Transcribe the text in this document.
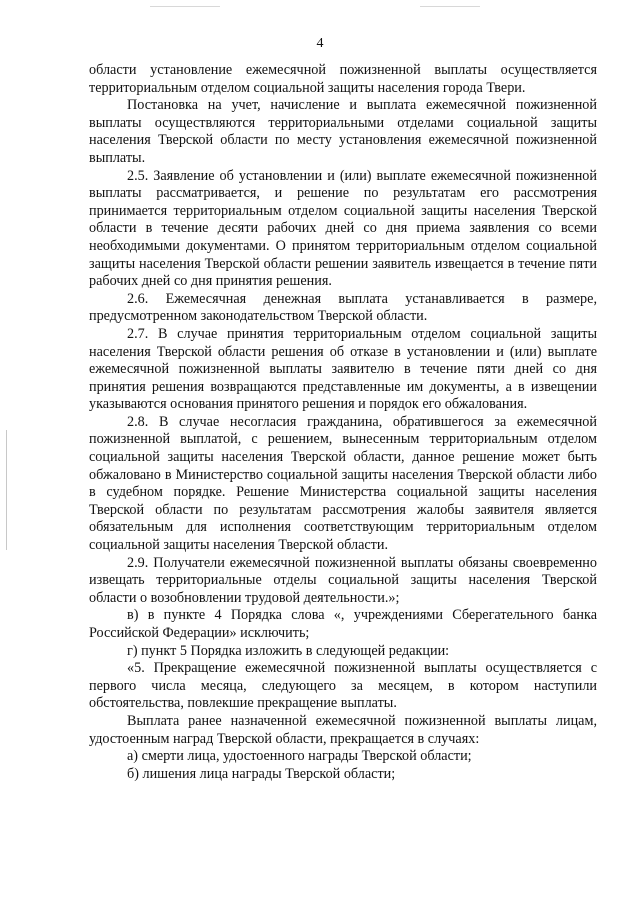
4

области установление ежемесячной пожизненной выплаты осуществляется территориальным отделом социальной защиты населения города Твери.

Постановка на учет, начисление и выплата ежемесячной пожизненной выплаты осуществляются территориальными отделами социальной защиты населения Тверской области по месту установления ежемесячной пожизненной выплаты.

2.5. Заявление об установлении и (или) выплате ежемесячной пожизненной выплаты рассматривается, и решение по результатам его рассмотрения принимается территориальным отделом социальной защиты населения Тверской области в течение десяти рабочих дней со дня приема заявления со всеми необходимыми документами. О принятом территориальным отделом социальной защиты населения Тверской области решении заявитель извещается в течение пяти рабочих дней со дня принятия решения.

2.6. Ежемесячная денежная выплата устанавливается в размере, предусмотренном законодательством Тверской области.

2.7. В случае принятия территориальным отделом социальной защиты населения Тверской области решения об отказе в установлении и (или) выплате ежемесячной пожизненной выплаты заявителю в течение пяти дней со дня принятия решения возвращаются представленные им документы, а в извещении указываются основания принятого решения и порядок его обжалования.

2.8. В случае несогласия гражданина, обратившегося за ежемесячной пожизненной выплатой, с решением, вынесенным территориальным отделом социальной защиты населения Тверской области, данное решение может быть обжаловано в Министерство социальной защиты населения Тверской области либо в судебном порядке. Решение Министерства социальной защиты населения Тверской области по результатам рассмотрения жалобы заявителя является обязательным для исполнения соответствующим территориальным отделом социальной защиты населения Тверской области.

2.9. Получатели ежемесячной пожизненной выплаты обязаны своевременно извещать территориальные отделы социальной защиты населения Тверской области о возобновлении трудовой деятельности.»;

в) в пункте 4 Порядка слова «, учреждениями Сберегательного банка Российской Федерации» исключить;

г) пункт 5 Порядка изложить в следующей редакции:

«5. Прекращение ежемесячной пожизненной выплаты осуществляется с первого числа месяца, следующего за месяцем, в котором наступили обстоятельства, повлекшие прекращение выплаты.

Выплата ранее назначенной ежемесячной пожизненной выплаты лицам, удостоенным наград Тверской области, прекращается в случаях:

а) смерти лица, удостоенного награды Тверской области;

б) лишения лица награды Тверской области;
